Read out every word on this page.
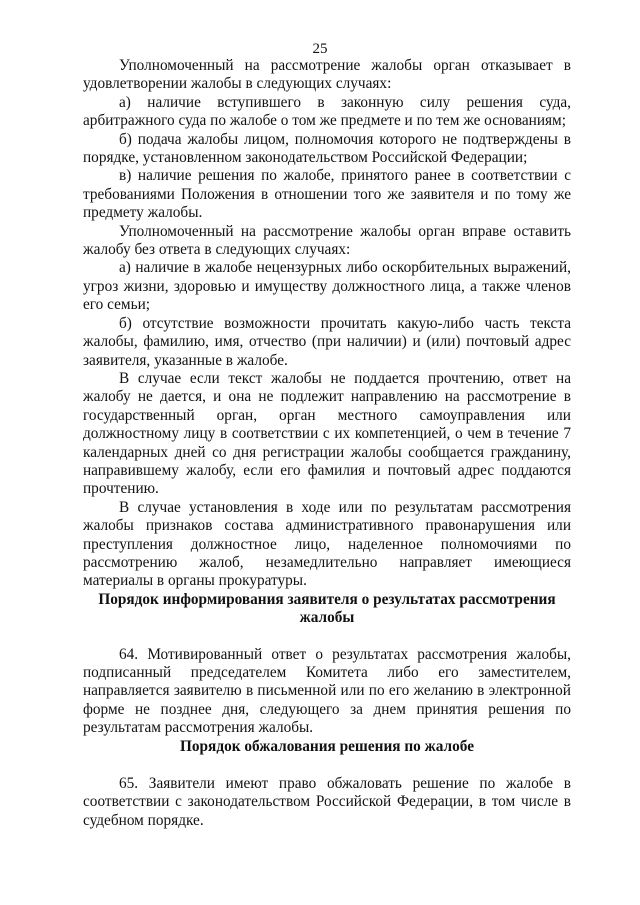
25

Уполномоченный на рассмотрение жалобы орган отказывает в удовлетворении жалобы в следующих случаях:

а) наличие вступившего в законную силу решения суда, арбитражного суда по жалобе о том же предмете и по тем же основаниям;

б) подача жалобы лицом, полномочия которого не подтверждены в порядке, установленном законодательством Российской Федерации;

в) наличие решения по жалобе, принятого ранее в соответствии с требованиями Положения в отношении того же заявителя и по тому же предмету жалобы.

Уполномоченный на рассмотрение жалобы орган вправе оставить жалобу без ответа в следующих случаях:

а) наличие в жалобе нецензурных либо оскорбительных выражений, угроз жизни, здоровью и имуществу должностного лица, а также членов его семьи;

б) отсутствие возможности прочитать какую-либо часть текста жалобы, фамилию, имя, отчество (при наличии) и (или) почтовый адрес заявителя, указанные в жалобе.

В случае если текст жалобы не поддается прочтению, ответ на жалобу не дается, и она не подлежит направлению на рассмотрение в государственный орган, орган местного самоуправления или должностному лицу в соответствии с их компетенцией, о чем в течение 7 календарных дней со дня регистрации жалобы сообщается гражданину, направившему жалобу, если его фамилия и почтовый адрес поддаются прочтению.

В случае установления в ходе или по результатам рассмотрения жалобы признаков состава административного правонарушения или преступления должностное лицо, наделенное полномочиями по рассмотрению жалоб, незамедлительно направляет имеющиеся материалы в органы прокуратуры.

Порядок информирования заявителя о результатах рассмотрения жалобы

64. Мотивированный ответ о результатах рассмотрения жалобы, подписанный председателем Комитета либо его заместителем, направляется заявителю в письменной или по его желанию в электронной форме не позднее дня, следующего за днем принятия решения по результатам рассмотрения жалобы.

Порядок обжалования решения по жалобе

65. Заявители имеют право обжаловать решение по жалобе в соответствии с законодательством Российской Федерации, в том числе в судебном порядке.
